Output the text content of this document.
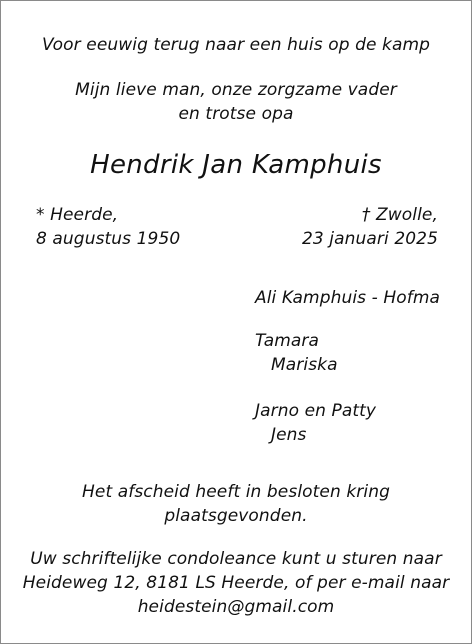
Voor eeuwig terug naar een huis op de kamp
Mijn lieve man, onze zorgzame vader
en trotse opa
Hendrik Jan Kamphuis
* Heerde,
8 augustus 1950
† Zwolle,
23 januari 2025
Ali Kamphuis - Hofma
Tamara
Mariska
Jarno en Patty
Jens
Het afscheid heeft in besloten kring
plaatsgevonden.
Uw schriftelijke condoleance kunt u sturen naar
Heideweg 12, 8181 LS Heerde, of per e-mail naar
heidestein@gmail.com
